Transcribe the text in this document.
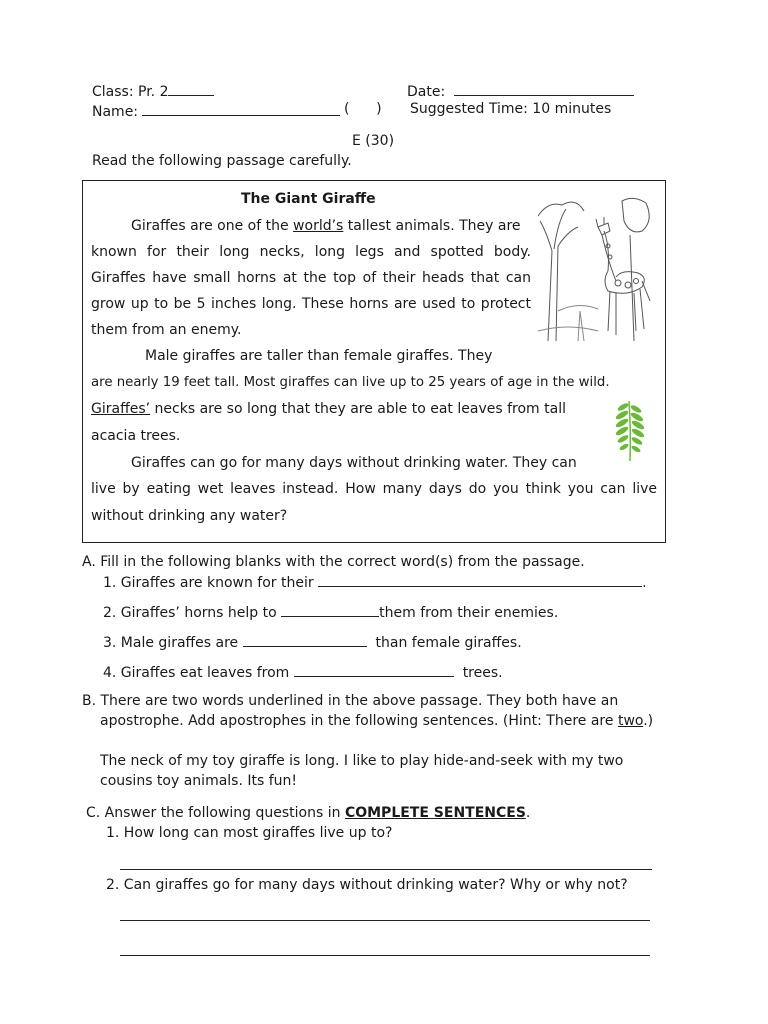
Class: Pr. 2	Date:
Name:	(      ) Suggested Time: 10 minutes
E (30)
Read the following passage carefully.
The Giant Giraffe
Giraffes are one of the world’s tallest animals. They are
known for their long necks, long legs and spotted body.
Giraffes have small horns at the top of their heads that can
grow up to be 5 inches long. These horns are used to protect
them from an enemy.
Male giraffes are taller than female giraffes. They
are nearly 19 feet tall. Most giraffes can live up to 25 years of age in the wild.
Giraffes’ necks are so long that they are able to eat leaves from tall
acacia trees.
Giraffes can go for many days without drinking water. They can
live by eating wet leaves instead. How many days do you think you can live
without drinking any water?
A. Fill in the following blanks with the correct word(s) from the passage.
1. Giraffes are known for their	.
2. Giraffes’ horns help to	them from their enemies.
3. Male giraffes are	than female giraffes.
4. Giraffes eat leaves from	trees.
B. There are two words underlined in the above passage. They both have an
apostrophe. Add apostrophes in the following sentences. (Hint: There are two.)
The neck of my toy giraffe is long. I like to play hide-and-seek with my two
cousins toy animals. Its fun!
C. Answer the following questions in COMPLETE SENTENCES.
1. How long can most giraffes live up to?
2. Can giraffes go for many days without drinking water? Why or why not?
